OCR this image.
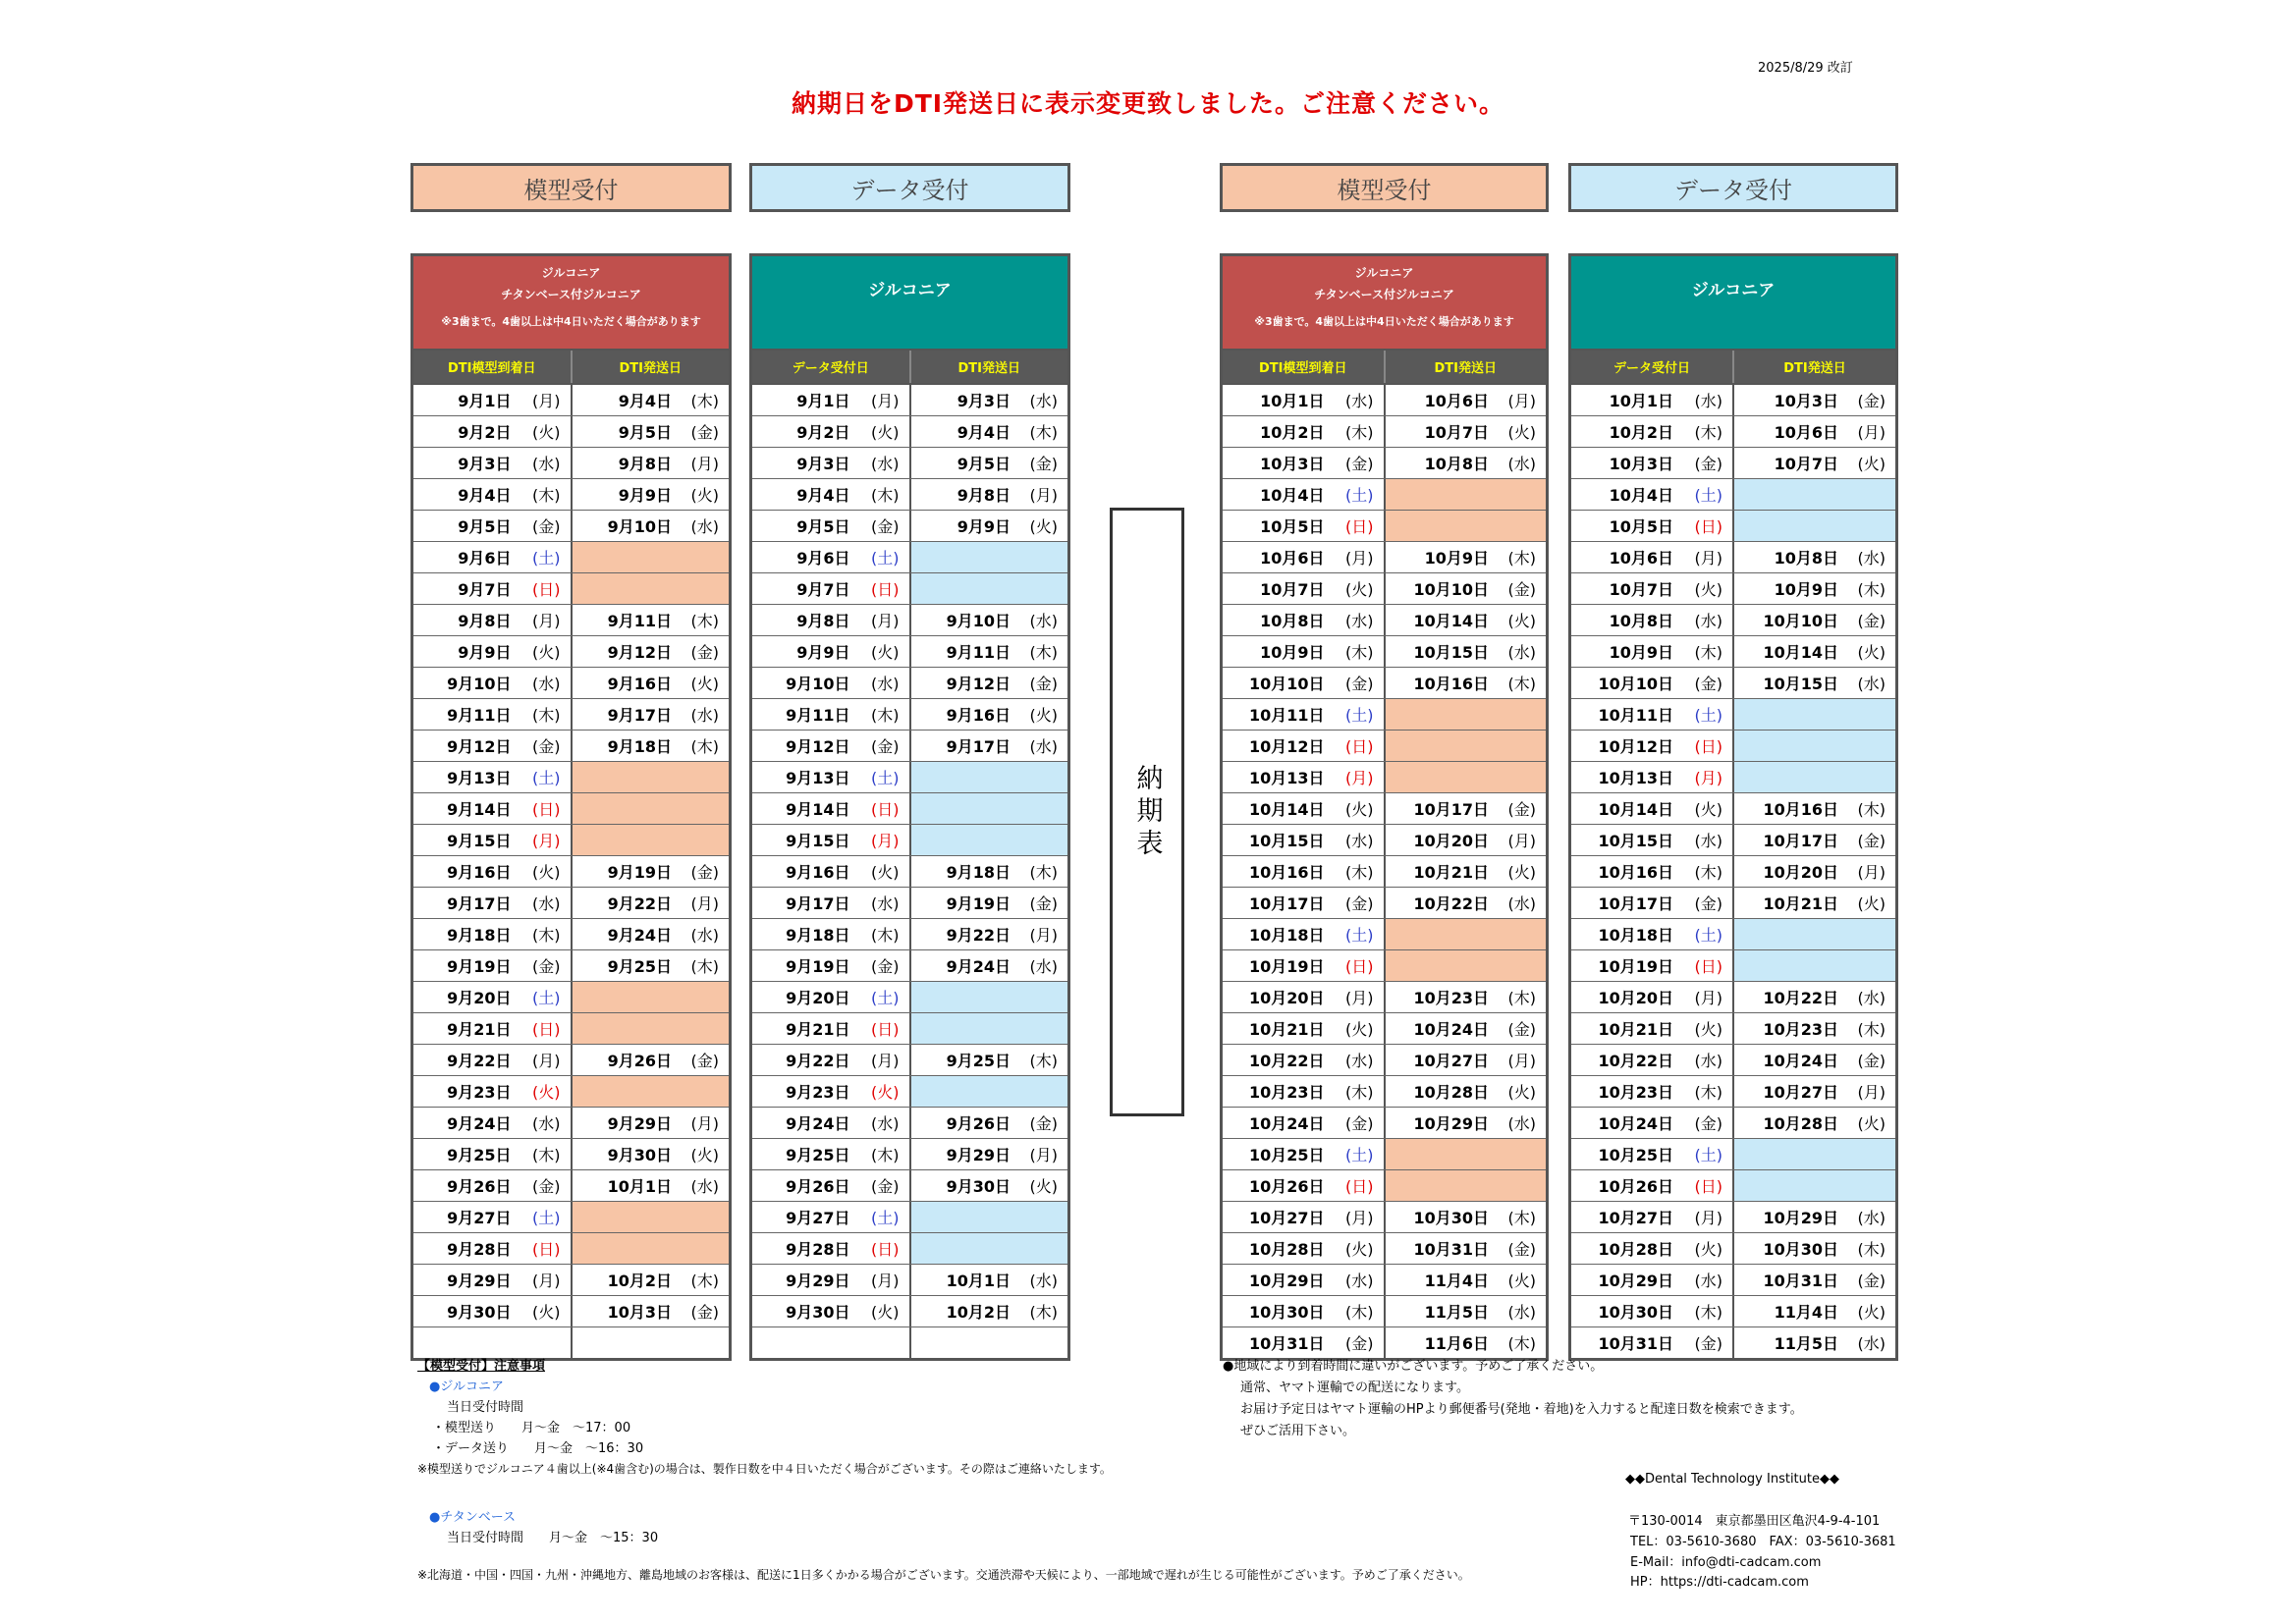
2025/8/29 改訂
納期日をDTI発送日に表示変更致しました。ご注意ください。
模型受付	データ受付	模型受付	データ受付
ジルコニア
チタンベース付ジルコニア
※3歯まで。4歯以上は中4日いただく場合があります
DTI模型到着日	DTI発送日
9月1日 (月)	9月4日 (木)
9月2日 (火)	9月5日 (金)
9月3日 (水)	9月8日 (月)
9月4日 (木)	9月9日 (火)
9月5日 (金)	9月10日 (水)
9月6日 (土)
9月7日 (日)
9月8日 (月)	9月11日 (木)
9月9日 (火)	9月12日 (金)
9月10日 (水)	9月16日 (火)
9月11日 (木)	9月17日 (水)
9月12日 (金)	9月18日 (木)
9月13日 (土)
9月14日 (日)
9月15日 (月)
9月16日 (火)	9月19日 (金)
9月17日 (水)	9月22日 (月)
9月18日 (木)	9月24日 (水)
9月19日 (金)	9月25日 (木)
9月20日 (土)
9月21日 (日)
9月22日 (月)	9月26日 (金)
9月23日 (火)
9月24日 (水)	9月29日 (月)
9月25日 (木)	9月30日 (火)
9月26日 (金)	10月1日 (水)
9月27日 (土)
9月28日 (日)
9月29日 (月)	10月2日 (木)
9月30日 (火)	10月3日 (金)
ジルコニア
データ受付日	DTI発送日
9月1日 (月)	9月3日 (水)
9月2日 (火)	9月4日 (木)
9月3日 (水)	9月5日 (金)
9月4日 (木)	9月8日 (月)
9月5日 (金)	9月9日 (火)
9月6日 (土)
9月7日 (日)
9月8日 (月)	9月10日 (水)
9月9日 (火)	9月11日 (木)
9月10日 (水)	9月12日 (金)
9月11日 (木)	9月16日 (火)
9月12日 (金)	9月17日 (水)
9月13日 (土)
9月14日 (日)
9月15日 (月)
9月16日 (火)	9月18日 (木)
9月17日 (水)	9月19日 (金)
9月18日 (木)	9月22日 (月)
9月19日 (金)	9月24日 (水)
9月20日 (土)
9月21日 (日)
9月22日 (月)	9月25日 (木)
9月23日 (火)
9月24日 (水)	9月26日 (金)
9月25日 (木)	9月29日 (月)
9月26日 (金)	9月30日 (火)
9月27日 (土)
9月28日 (日)
9月29日 (月)	10月1日 (水)
9月30日 (火)	10月2日 (木)
納期表
ジルコニア
チタンベース付ジルコニア
※3歯まで。4歯以上は中4日いただく場合があります
DTI模型到着日	DTI発送日
10月1日 (水)	10月6日 (月)
10月2日 (木)	10月7日 (火)
10月3日 (金)	10月8日 (水)
10月4日 (土)
10月5日 (日)
10月6日 (月)	10月9日 (木)
10月7日 (火)	10月10日 (金)
10月8日 (水)	10月14日 (火)
10月9日 (木)	10月15日 (水)
10月10日 (金)	10月16日 (木)
10月11日 (土)
10月12日 (日)
10月13日 (月)
10月14日 (火)	10月17日 (金)
10月15日 (水)	10月20日 (月)
10月16日 (木)	10月21日 (火)
10月17日 (金)	10月22日 (水)
10月18日 (土)
10月19日 (日)
10月20日 (月)	10月23日 (木)
10月21日 (火)	10月24日 (金)
10月22日 (水)	10月27日 (月)
10月23日 (木)	10月28日 (火)
10月24日 (金)	10月29日 (水)
10月25日 (土)
10月26日 (日)
10月27日 (月)	10月30日 (木)
10月28日 (火)	10月31日 (金)
10月29日 (水)	11月4日 (火)
10月30日 (木)	11月5日 (水)
10月31日 (金)	11月6日 (木)
ジルコニア
データ受付日	DTI発送日
10月1日 (水)	10月3日 (金)
10月2日 (木)	10月6日 (月)
10月3日 (金)	10月7日 (火)
10月4日 (土)
10月5日 (日)
10月6日 (月)	10月8日 (水)
10月7日 (火)	10月9日 (木)
10月8日 (水)	10月10日 (金)
10月9日 (木)	10月14日 (火)
10月10日 (金)	10月15日 (水)
10月11日 (土)
10月12日 (日)
10月13日 (月)
10月14日 (火)	10月16日 (木)
10月15日 (水)	10月17日 (金)
10月16日 (木)	10月20日 (月)
10月17日 (金)	10月21日 (火)
10月18日 (土)
10月19日 (日)
10月20日 (月)	10月22日 (水)
10月21日 (火)	10月23日 (木)
10月22日 (水)	10月24日 (金)
10月23日 (木)	10月27日 (月)
10月24日 (金)	10月28日 (火)
10月25日 (土)
10月26日 (日)
10月27日 (月)	10月29日 (水)
10月28日 (火)	10月30日 (木)
10月29日 (水)	10月31日 (金)
10月30日 (木)	11月4日 (火)
10月31日 (金)	11月5日 (水)
【模型受付】注意事項
●ジルコニア
当日受付時間
・模型送り　　月～金　～17：00
・データ送り　　月～金　～16：30
※模型送りでジルコニア４歯以上(※4歯含む)の場合は、製作日数を中４日いただく場合がございます。その際はご連絡いたします。
●チタンベース
当日受付時間　　月～金　～15：30
※北海道・中国・四国・九州・沖縄地方、離島地域のお客様は、配送に1日多くかかる場合がございます。交通渋滞や天候により、一部地域で遅れが生じる可能性がございます。予めご了承ください。
●地域により到着時間に違いがございます。予めご了承ください。
通常、ヤマト運輸での配送になります。
お届け予定日はヤマト運輸のHPより郵便番号(発地・着地)を入力すると配達日数を検索できます。
ぜひご活用下さい。
◆◆Dental Technology Institute◆◆
〒130-0014　東京都墨田区亀沢4-9-4-101
TEL：03-5610-3680　FAX：03-5610-3681
E-Mail：info@dti-cadcam.com
HP：https://dti-cadcam.com
